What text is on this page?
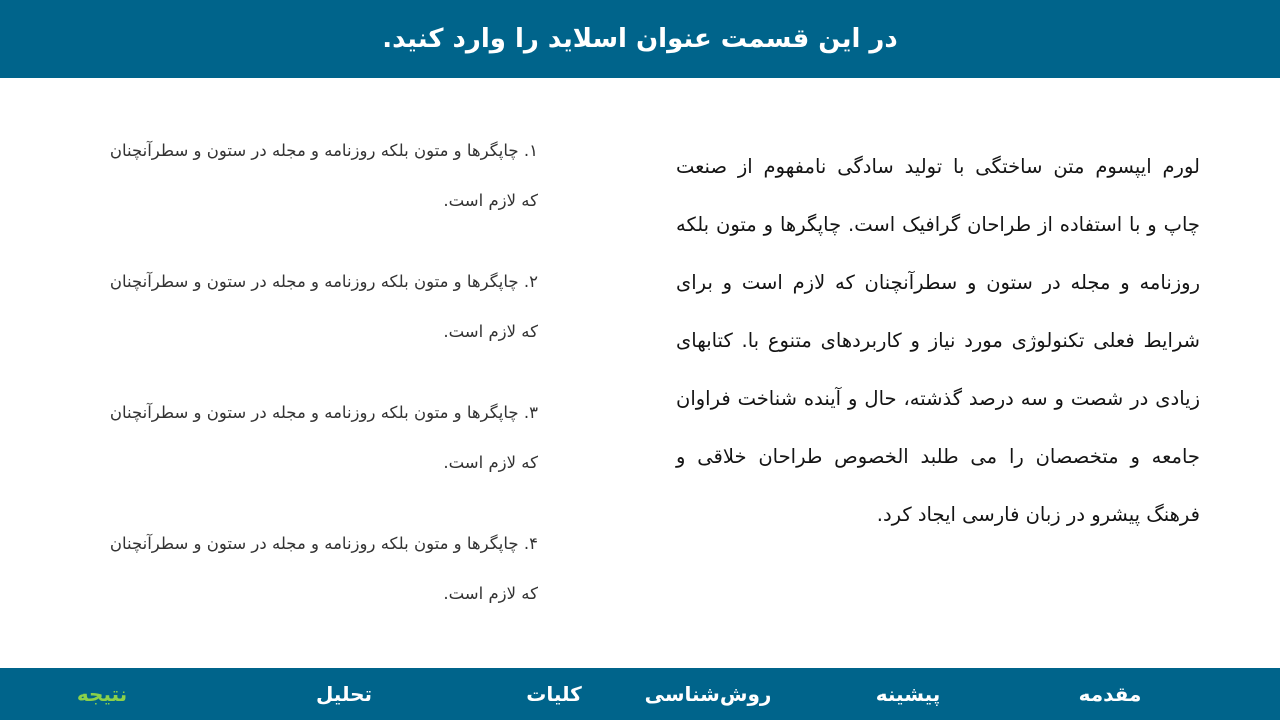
در این قسمت عنوان اسلاید را وارد کنید.

لورم ایپسوم متن ساختگی با تولید سادگی نامفهوم از صنعت چاپ و با استفاده از طراحان گرافیک است. چاپگرها و متون بلکه روزنامه و مجله در ستون و سطرآنچنان که لازم است و برای شرایط فعلی تکنولوژی مورد نیاز و کاربردهای متنوع با. کتابهای زیادی در شصت و سه درصد گذشته، حال و آینده شناخت فراوان جامعه و متخصصان را می طلبد الخصوص طراحان خلاقی و فرهنگ پیشرو در زبان فارسی ایجاد کرد.

۱. چاپگرها و متون بلکه روزنامه و مجله در ستون و سطرآنچنان که لازم است.
۲. چاپگرها و متون بلکه روزنامه و مجله در ستون و سطرآنچنان که لازم است.
۳. چاپگرها و متون بلکه روزنامه و مجله در ستون و سطرآنچنان که لازم است.
۴. چاپگرها و متون بلکه روزنامه و مجله در ستون و سطرآنچنان که لازم است.
مقدمه
پیشینه
روش‌شناسی
کلیات
تحلیل
نتیجه
